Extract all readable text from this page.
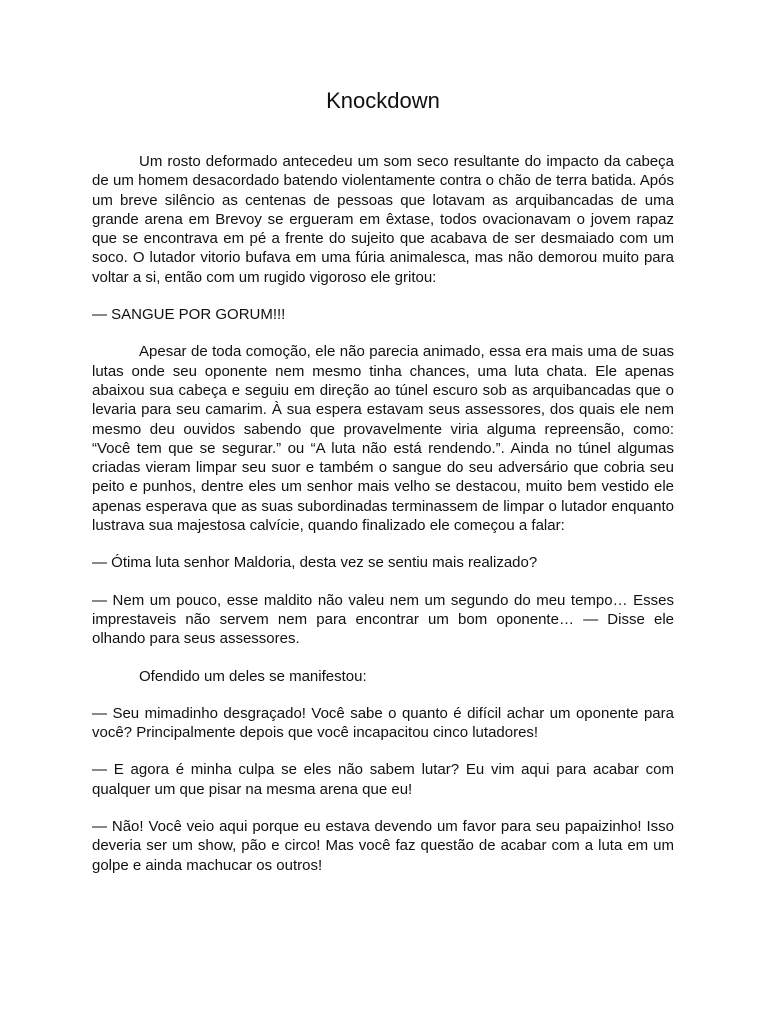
Knockdown

Um rosto deformado antecedeu um som seco resultante do impacto da cabeça de um homem desacordado batendo violentamente contra o chão de terra batida. Após um breve silêncio as centenas de pessoas que lotavam as arquibancadas de uma grande arena em Brevoy se ergueram em êxtase, todos ovacionavam o jovem rapaz que se encontrava em pé a frente do sujeito que acabava de ser desmaiado com um soco. O lutador vitorio bufava em uma fúria animalesca, mas não demorou muito para voltar a si, então com um rugido vigoroso ele gritou:

— SANGUE POR GORUM!!!

Apesar de toda comoção, ele não parecia animado, essa era mais uma de suas lutas onde seu oponente nem mesmo tinha chances, uma luta chata. Ele apenas abaixou sua cabeça e seguiu em direção ao túnel escuro sob as arquibancadas que o levaria para seu camarim. À sua espera estavam seus assessores, dos quais ele nem mesmo deu ouvidos sabendo que provavelmente viria alguma repreensão, como: “Você tem que se segurar.” ou “A luta não está rendendo.”. Ainda no túnel algumas criadas vieram limpar seu suor e também o sangue do seu adversário que cobria seu peito e punhos, dentre eles um senhor mais velho se destacou, muito bem vestido ele apenas esperava que as suas subordinadas terminassem de limpar o lutador enquanto lustrava sua majestosa calvície, quando finalizado ele começou a falar:

— Ótima luta senhor Maldoria, desta vez se sentiu mais realizado?

— Nem um pouco, esse maldito não valeu nem um segundo do meu tempo… Esses imprestaveis não servem nem para encontrar um bom oponente… — Disse ele olhando para seus assessores.

Ofendido um deles se manifestou:

— Seu mimadinho desgraçado! Você sabe o quanto é difícil achar um oponente para você? Principalmente depois que você incapacitou cinco lutadores!

— E agora é minha culpa se eles não sabem lutar? Eu vim aqui para acabar com qualquer um que pisar na mesma arena que eu!

— Não! Você veio aqui porque eu estava devendo um favor para seu papaizinho! Isso deveria ser um show, pão e circo! Mas você faz questão de acabar com a luta em um golpe e ainda machucar os outros!
